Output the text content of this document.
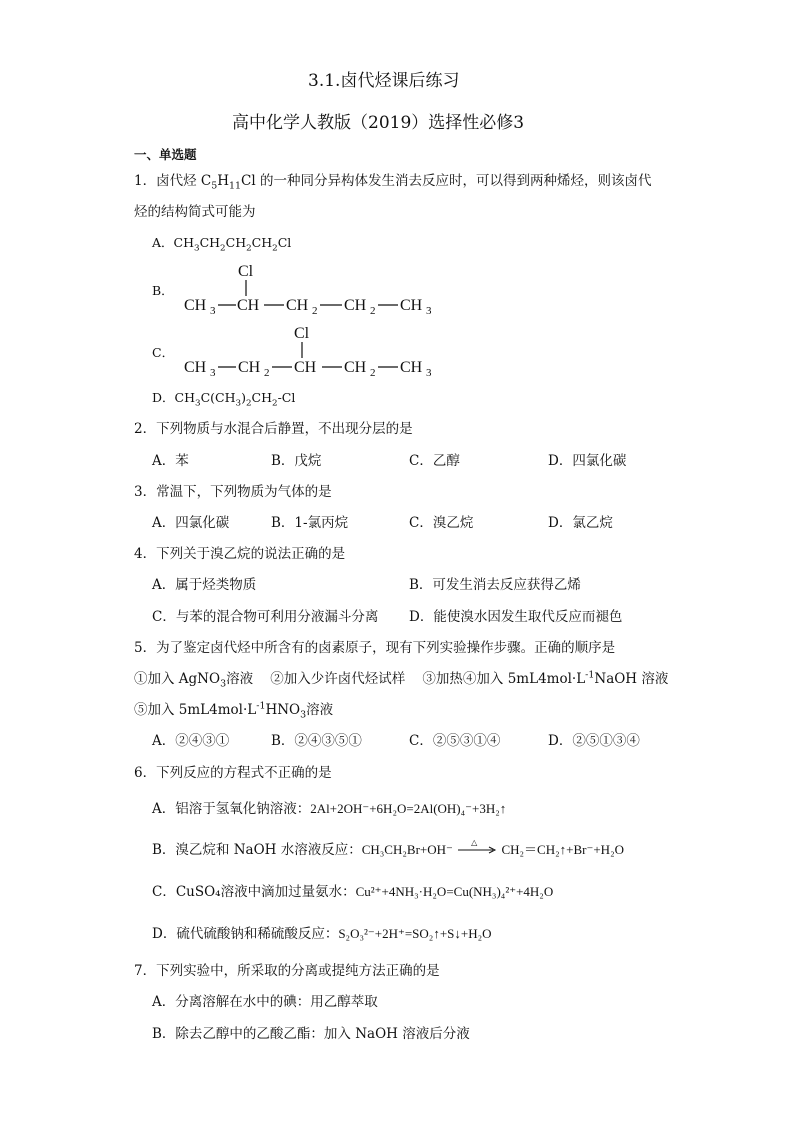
3.1.卤代烃课后练习
高中化学人教版（2019）选择性必修3
一、单选题
1．卤代烃 $C_5H_{11}Cl$ 的一种同分异构体发生消去反应时，可以得到两种烯烃，则该卤代
烃的结构简式可能为
A．$CH_3CH_2CH_2CH_2Cl$
B．
Cl
CH 3 CH CH 2 CH 2 CH 3
C．
Cl
CH 3 CH 2 CH CH 2 CH 3
D．$CH_3C(CH_3)_2CH_2-Cl$
2．下列物质与水混合后静置，不出现分层的是
A．苯	B．戊烷	C．乙醇	D．四氯化碳
3．常温下，下列物质为气体的是
A．四氯化碳	B．1-氯丙烷	C．溴乙烷	D．氯乙烷
4．下列关于溴乙烷的说法正确的是
A．属于烃类物质	B．可发生消去反应获得乙烯
C．与苯的混合物可利用分液漏斗分离 D．能使溴水因发生取代反应而褪色
5．为了鉴定卤代烃中所含有的卤素原子，现有下列实验操作步骤。正确的顺序是
①加入 AgNO$_3$溶液 ②加入少许卤代烃试样 ③加热④加入 $5mL4mol\cdot L^{-1}NaOH$ 溶液
⑤加入 $5mL4mol\cdot L^{-1}HNO_3$溶液
A．②④③①	B．②④③⑤①	C．②⑤③①④	D．②⑤①③④
6．下列反应的方程式不正确的是
A．铝溶于氢氧化钠溶液：2Al+2OH⁻+6H₂O=2Al(OH)₄⁻+3H₂↑
B．溴乙烷和 NaOH 水溶液反应：CH₃CH₂Br+OH⁻ △ CH₂＝CH₂↑+Br⁻+H₂O
C．CuSO₄溶液中滴加过量氨水：Cu²⁺+4NH₃·H₂O=Cu(NH₃)₄²⁺+4H₂O
D．硫代硫酸钠和稀硫酸反应：S₂O₃²⁻+2H⁺=SO₂↑+S↓+H₂O
7．下列实验中，所采取的分离或提纯方法正确的是
A．分离溶解在水中的碘：用乙醇萃取
B．除去乙醇中的乙酸乙酯：加入 NaOH 溶液后分液
